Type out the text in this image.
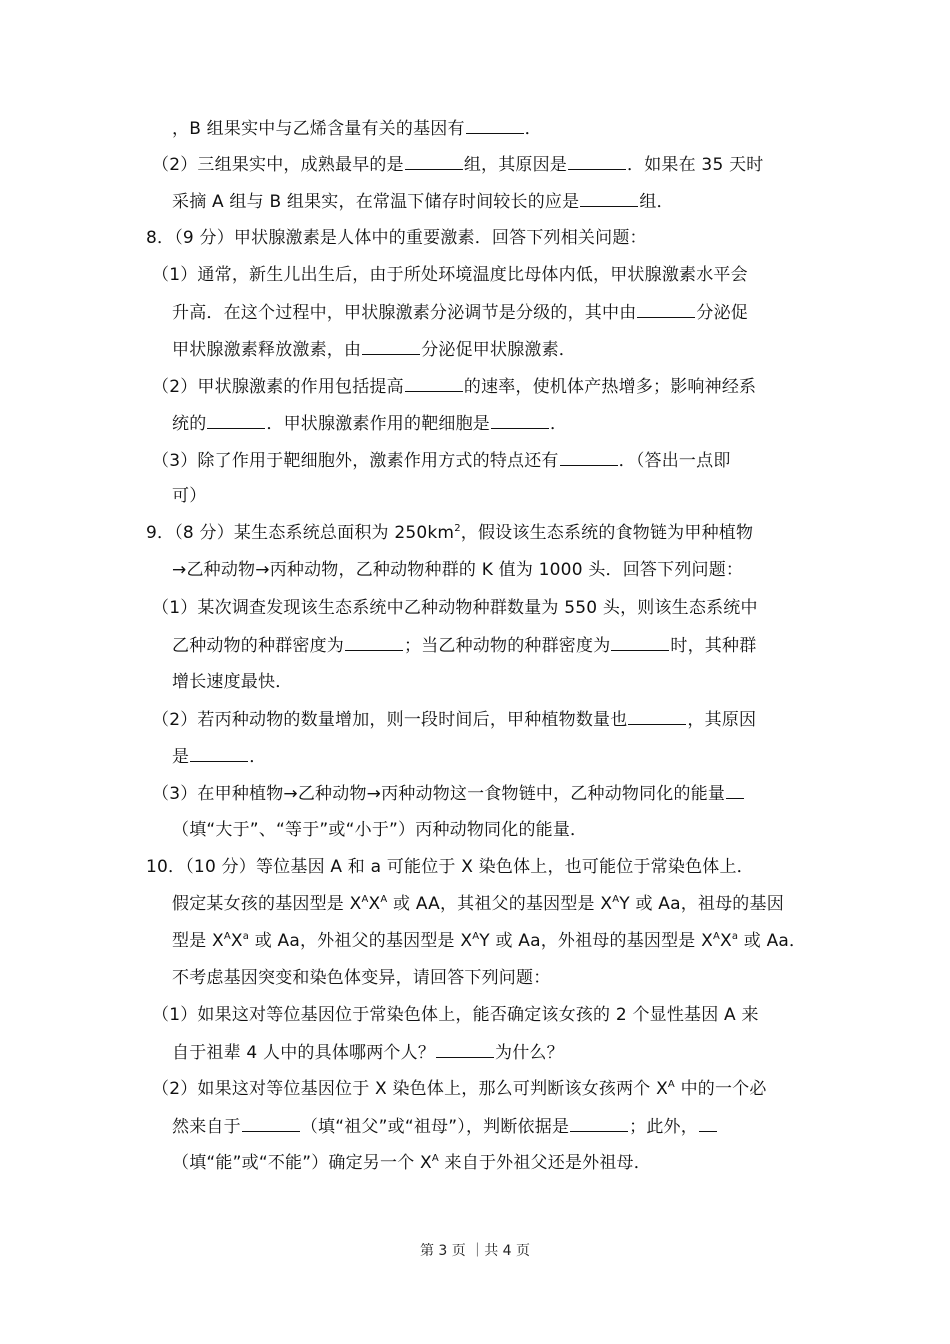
，B 组果实中与乙烯含量有关的基因有	．
（2）三组果实中，成熟最早的是	组，其原因是	．如果在 35 天时
采摘 A 组与 B 组果实，在常温下储存时间较长的应是	组．
8．（9 分）甲状腺激素是人体中的重要激素．回答下列相关问题：
（1）通常，新生儿出生后，由于所处环境温度比母体内低，甲状腺激素水平会
升高．在这个过程中，甲状腺激素分泌调节是分级的，其中由	分泌促
甲状腺激素释放激素，由	分泌促甲状腺激素．
（2）甲状腺激素的作用包括提高	的速率，使机体产热增多；影响神经系
统的	．甲状腺激素作用的靶细胞是	．
（3）除了作用于靶细胞外，激素作用方式的特点还有	．（答出一点即
可）
9．（8 分）某生态系统总面积为 $250km^2$，假设该生态系统的食物链为甲种植物
→乙种动物→丙种动物，乙种动物种群的 K 值为 1000 头．回答下列问题：
（1）某次调查发现该生态系统中乙种动物种群数量为 550 头，则该生态系统中
乙种动物的种群密度为	；当乙种动物的种群密度为	时，其种群
增长速度最快．
（2）若丙种动物的数量增加，则一段时间后，甲种植物数量也	，其原因
是	．
（3）在甲种植物→乙种动物→丙种动物这一食物链中，乙种动物同化的能量
（填“大于”、“等于”或“小于”）丙种动物同化的能量．
10．（10 分）等位基因 A 和 a 可能位于 X 染色体上，也可能位于常染色体上．
假定某女孩的基因型是 $X^AX^A$ 或 AA，其祖父的基因型是 $X^AY$ 或 Aa，祖母的基因
型是 $X^AX^a$ 或 Aa，外祖父的基因型是 $X^AY$ 或 Aa，外祖母的基因型是 $X^AX^a$ 或 Aa．
不考虑基因突变和染色体变异，请回答下列问题：
（1）如果这对等位基因位于常染色体上，能否确定该女孩的 2 个显性基因 A 来
自于祖辈 4 人中的具体哪两个人？	为什么？
（2）如果这对等位基因位于 X 染色体上，那么可判断该女孩两个 $X^A$ 中的一个必
然来自于	（填“祖父”或“祖母”），判断依据是	；此外，
（填“能”或“不能”）确定另一个 $X^A$ 来自于外祖父还是外祖母．
第 3 页 ｜共 4 页
